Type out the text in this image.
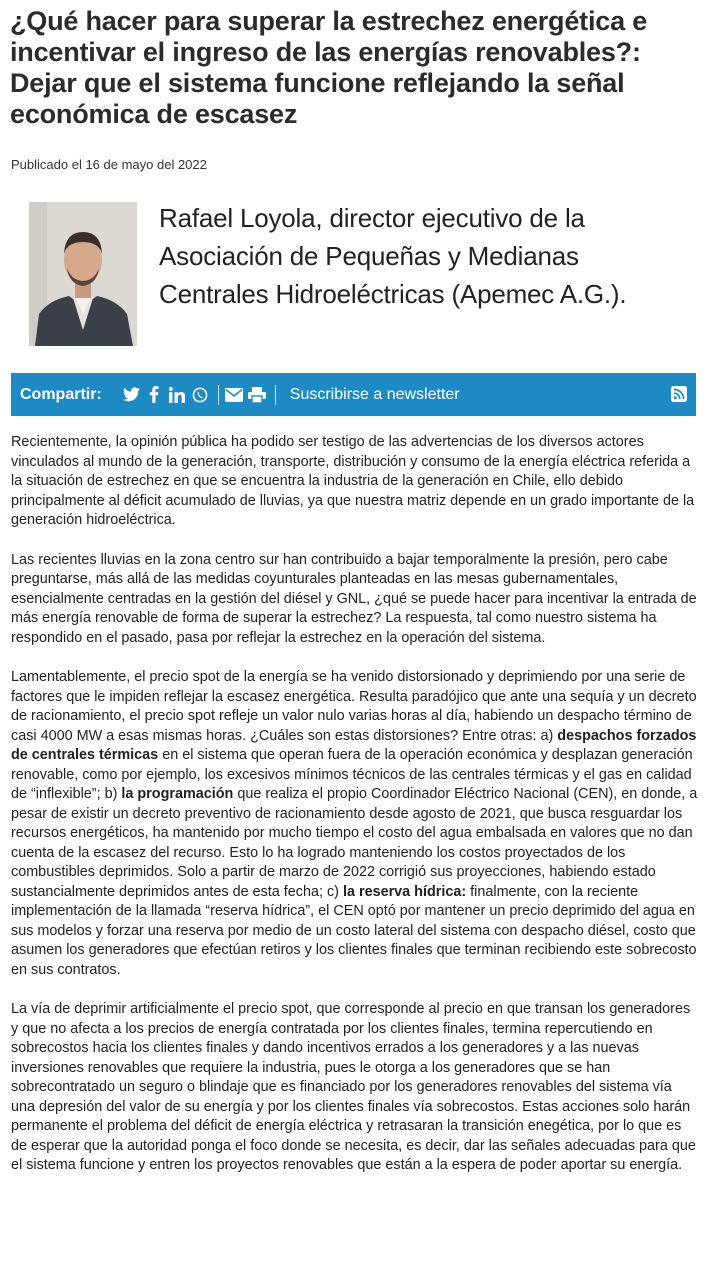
¿Qué hacer para superar la estrechez energética e incentivar el ingreso de las energías renovables?: Dejar que el sistema funcione reflejando la señal económica de escasez
Publicado el 16 de mayo del 2022
Rafael Loyola, director ejecutivo de la Asociación de Pequeñas y Medianas Centrales Hidroeléctricas (Apemec A.G.).
Compartir:	Suscribirse a newsletter

Recientemente, la opinión pública ha podido ser testigo de las advertencias de los diversos actores vinculados al mundo de la generación, transporte, distribución y consumo de la energía eléctrica referida a la situación de estrechez en que se encuentra la industria de la generación en Chile, ello debido principalmente al déficit acumulado de lluvias, ya que nuestra matriz depende en un grado importante de la generación hidroeléctrica.

Las recientes lluvias en la zona centro sur han contribuido a bajar temporalmente la presión, pero cabe preguntarse, más allá de las medidas coyunturales planteadas en las mesas gubernamentales, esencialmente centradas en la gestión del diésel y GNL, ¿qué se puede hacer para incentivar la entrada de más energía renovable de forma de superar la estrechez? La respuesta, tal como nuestro sistema ha respondido en el pasado, pasa por reflejar la estrechez en la operación del sistema.

Lamentablemente, el precio spot de la energía se ha venido distorsionado y deprimiendo por una serie de factores que le impiden reflejar la escasez energética. Resulta paradójico que ante una sequía y un decreto de racionamiento, el precio spot refleje un valor nulo varias horas al día, habiendo un despacho término de casi 4000 MW a esas mismas horas. ¿Cuáles son estas distorsiones? Entre otras: a) despachos forzados de centrales térmicas en el sistema que operan fuera de la operación económica y desplazan generación renovable, como por ejemplo, los excesivos mínimos técnicos de las centrales térmicas y el gas en calidad de “inflexible”; b) la programación que realiza el propio Coordinador Eléctrico Nacional (CEN), en donde, a pesar de existir un decreto preventivo de racionamiento desde agosto de 2021, que busca resguardar los recursos energéticos, ha mantenido por mucho tiempo el costo del agua embalsada en valores que no dan cuenta de la escasez del recurso. Esto lo ha logrado manteniendo los costos proyectados de los combustibles deprimidos. Solo a partir de marzo de 2022 corrigió sus proyecciones, habiendo estado sustancialmente deprimidos antes de esta fecha; c) la reserva hídrica: finalmente, con la reciente implementación de la llamada “reserva hídrica”, el CEN optó por mantener un precio deprimido del agua en sus modelos y forzar una reserva por medio de un costo lateral del sistema con despacho diésel, costo que asumen los generadores que efectúan retiros y los clientes finales que terminan recibiendo este sobrecosto en sus contratos.

La vía de deprimir artificialmente el precio spot, que corresponde al precio en que transan los generadores y que no afecta a los precios de energía contratada por los clientes finales, termina repercutiendo en sobrecostos hacia los clientes finales y dando incentivos errados a los generadores y a las nuevas inversiones renovables que requiere la industria, pues le otorga a los generadores que se han sobrecontratado un seguro o blindaje que es financiado por los generadores renovables del sistema vía una depresión del valor de su energía y por los clientes finales vía sobrecostos. Estas acciones solo harán permanente el problema del déficit de energía eléctrica y retrasaran la transición enegética, por lo que es de esperar que la autoridad ponga el foco donde se necesita, es decir, dar las señales adecuadas para que el sistema funcione y entren los proyectos renovables que están a la espera de poder aportar su energía.
